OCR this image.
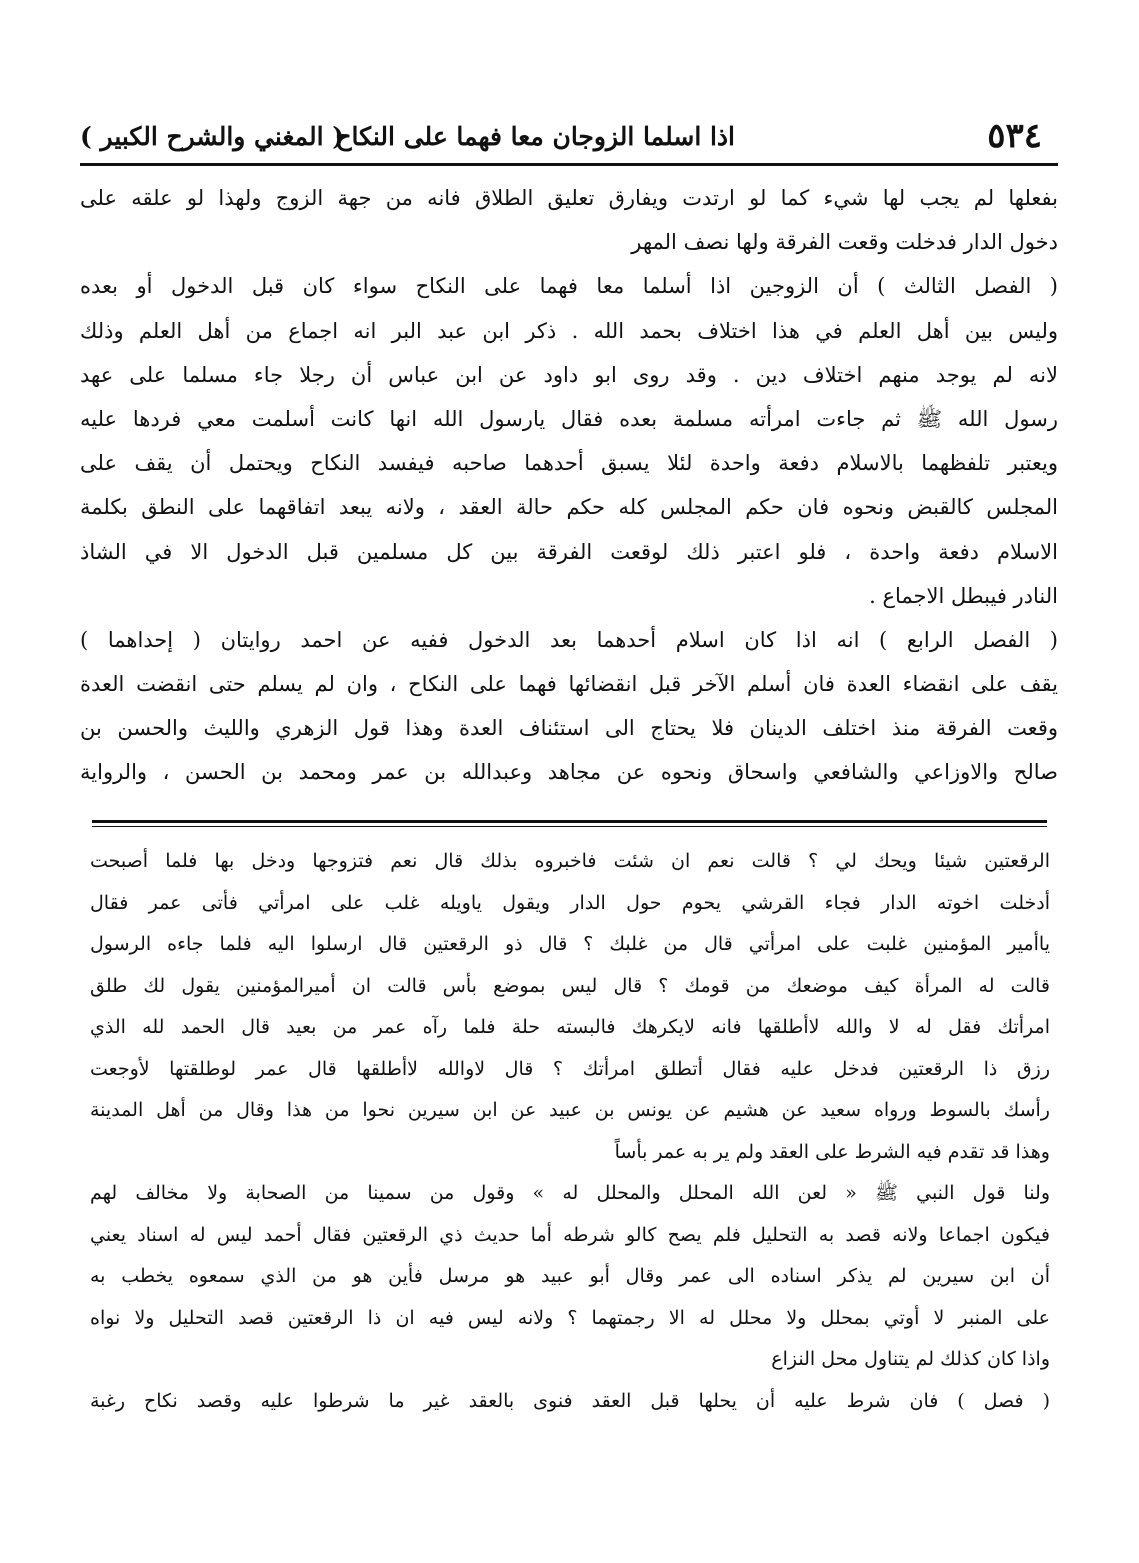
٥٣٤
اذا اسلما الزوجان معا فهما على النكاح
( المغني والشرح الكبير )
بفعلها لم يجب لها شيء كما لو ارتدت ويفارق تعليق الطلاق فانه من جهة الزوج ولهذا لو علقه على
دخول الدار فدخلت وقعت الفرقة ولها نصف المهر
( الفصل الثالث ) أن الزوجين اذا أسلما معا فهما على النكاح سواء كان قبل الدخول أو بعده
وليس بين أهل العلم في هذا اختلاف بحمد الله . ذكر ابن عبد البر انه اجماع من أهل العلم وذلك
لانه لم يوجد منهم اختلاف دين . وقد روى ابو داود عن ابن عباس أن رجلا جاء مسلما على عهد
رسول الله ﷺ ثم جاءت امرأته مسلمة بعده فقال يارسول الله انها كانت أسلمت معي فردها عليه
ويعتبر تلفظهما بالاسلام دفعة واحدة لئلا يسبق أحدهما صاحبه فيفسد النكاح ويحتمل أن يقف على
المجلس كالقبض ونحوه فان حكم المجلس كله حكم حالة العقد ، ولانه يبعد اتفاقهما على النطق بكلمة
الاسلام دفعة واحدة ، فلو اعتبر ذلك لوقعت الفرقة بين كل مسلمين قبل الدخول الا في الشاذ
النادر فيبطل الاجماع .
( الفصل الرابع ) انه اذا كان اسلام أحدهما بعد الدخول ففيه عن احمد روايتان ( إحداهما )
يقف على انقضاء العدة فان أسلم الآخر قبل انقضائها فهما على النكاح ، وان لم يسلم حتى انقضت العدة
وقعت الفرقة منذ اختلف الدينان فلا يحتاج الى استئناف العدة وهذا قول الزهري والليث والحسن بن
صالح والاوزاعي والشافعي واسحاق ونحوه عن مجاهد وعبدالله بن عمر ومحمد بن الحسن ، والرواية
الرقعتين شيئا ويحك لي ؟ قالت نعم ان شئت فاخبروه بذلك قال نعم فتزوجها ودخل بها فلما أصبحت
أدخلت اخوته الدار فجاء القرشي يحوم حول الدار ويقول ياويله غلب على امرأتي فأتى عمر فقال
ياأمير المؤمنين غلبت على امرأتي قال من غلبك ؟ قال ذو الرقعتين قال ارسلوا اليه فلما جاءه الرسول
قالت له المرأة كيف موضعك من قومك ؟ قال ليس بموضع بأس قالت ان أميرالمؤمنين يقول لك طلق
امرأتك فقل له لا والله لاأطلقها فانه لايكرهك فالبسته حلة فلما رآه عمر من بعيد قال الحمد لله الذي
رزق ذا الرقعتين فدخل عليه فقال أتطلق امرأتك ؟ قال لاوالله لاأطلقها قال عمر لوطلقتها لأوجعت
رأسك بالسوط ورواه سعيد عن هشيم عن يونس بن عبيد عن ابن سيرين نحوا من هذا وقال من أهل المدينة
وهذا قد تقدم فيه الشرط على العقد ولم ير به عمر بأساً
ولنا قول النبي ﷺ « لعن الله المحلل والمحلل له » وقول من سمينا من الصحابة ولا مخالف لهم
فيكون اجماعا ولانه قصد به التحليل فلم يصح كالو شرطه أما حديث ذي الرقعتين فقال أحمد ليس له اسناد يعني
أن ابن سيرين لم يذكر اسناده الى عمر وقال أبو عبيد هو مرسل فأين هو من الذي سمعوه يخطب به
على المنبر لا أوتي بمحلل ولا محلل له الا رجمتهما ؟ ولانه ليس فيه ان ذا الرقعتين قصد التحليل ولا نواه
واذا كان كذلك لم يتناول محل النزاع
( فصل ) فان شرط عليه أن يحلها قبل العقد فنوى بالعقد غير ما شرطوا عليه وقصد نكاح رغبة
